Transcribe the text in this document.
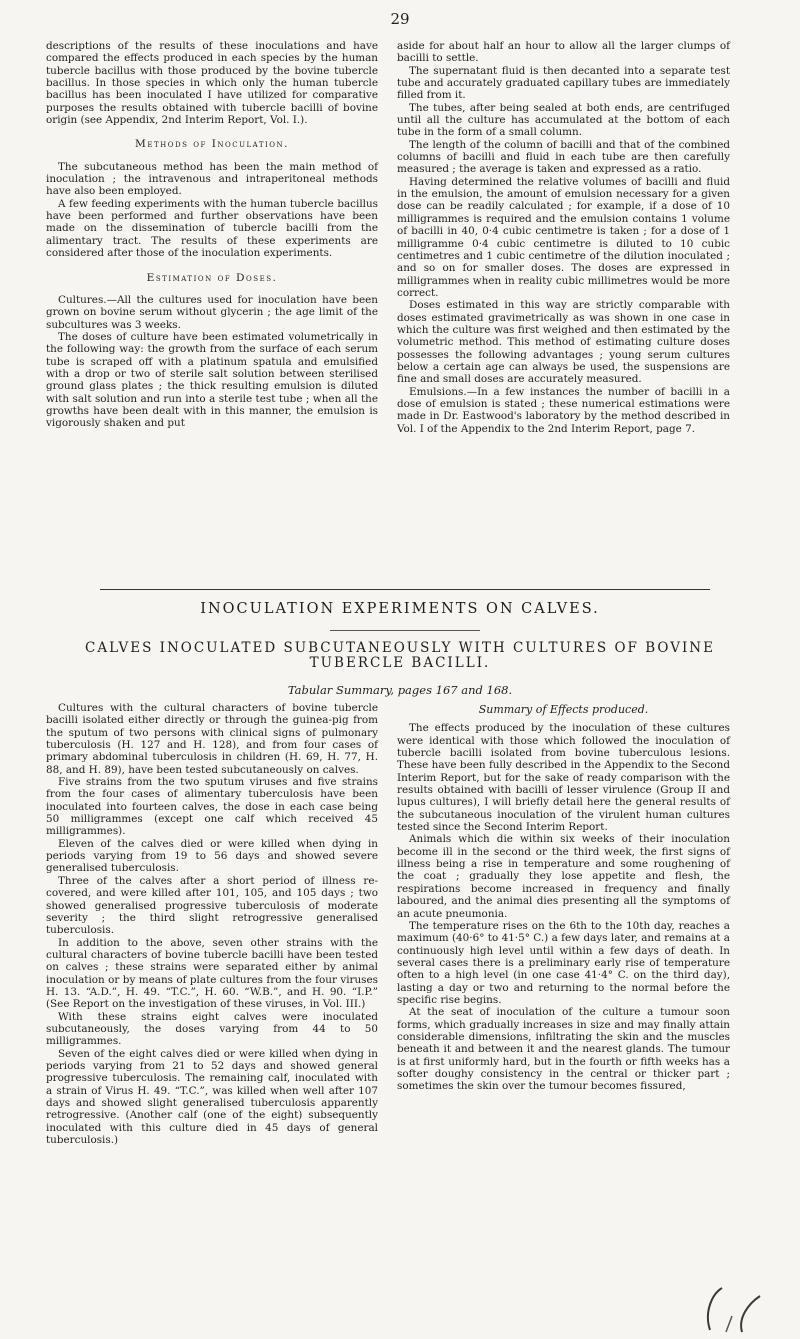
29

descriptions of the results of these inoculations and have compared the effects produced in each species by the human tubercle bacillus with those produced by the bovine tubercle bacillus. In those species in which only the human tubercle bacillus has been inoculated I have utilized for comparative purposes the results obtained with tubercle bacilli of bovine origin (see Appendix, 2nd Interim Report, Vol. I.).

Methods of Inoculation.

The subcutaneous method has been the main method of inoculation ; the intravenous and intraperitoneal methods have also been employed.

A few feeding experiments with the human tubercle bacillus have been performed and further observations have been made on the dissemination of tubercle bacilli from the alimentary tract. The results of these experiments are considered after those of the inoculation experiments.

Estimation of Doses.

Cultures.—All the cultures used for inoculation have been grown on bovine serum without glycerin ; the age limit of the subcultures was 3 weeks.

The doses of culture have been estimated volumetrically in the following way: the growth from the surface of each serum tube is scraped off with a platinum spatula and emulsified with a drop or two of sterile salt solution between sterilised ground glass plates ; the thick resulting emulsion is diluted with salt solution and run into a sterile test tube ; when all the growths have been dealt with in this manner, the emulsion is vigorously shaken and put

aside for about half an hour to allow all the larger clumps of bacilli to settle.

The supernatant fluid is then decanted into a separate test tube and accurately graduated capillary tubes are immediately filled from it.

The tubes, after being sealed at both ends, are centrifuged until all the culture has accumulated at the bottom of each tube in the form of a small column.

The length of the column of bacilli and that of the combined columns of bacilli and fluid in each tube are then carefully measured ; the average is taken and expressed as a ratio.

Having determined the relative volumes of bacilli and fluid in the emulsion, the amount of emulsion necessary for a given dose can be readily calculated ; for example, if a dose of 10 milligrammes is required and the emulsion contains 1 volume of bacilli in 40, 0·4 cubic centimetre is taken ; for a dose of 1 milligramme 0·4 cubic centimetre is diluted to 10 cubic centimetres and 1 cubic centimetre of the dilution inoculated ; and so on for smaller doses. The doses are expressed in milligrammes when in reality cubic millimetres would be more correct.

Doses estimated in this way are strictly comparable with doses estimated gravimetrically as was shown in one case in which the culture was first weighed and then estimated by the volumetric method. This method of estimating culture doses possesses the following advantages ; young serum cultures below a certain age can always be used, the suspensions are fine and small doses are accurately measured.

Emulsions.—In a few instances the number of bacilli in a dose of emulsion is stated ; these numerical estimations were made in Dr. Eastwood's laboratory by the method described in Vol. I of the Appendix to the 2nd Interim Report, page 7.

INOCULATION EXPERIMENTS ON CALVES.
CALVES INOCULATED SUBCUTANEOUSLY WITH CULTURES OF BOVINE TUBERCLE BACILLI.
Tabular Summary, pages 167 and 168.

Cultures with the cultural characters of bovine tubercle bacilli isolated either directly or through the guinea-pig from the sputum of two persons with clinical signs of pulmonary tuberculosis (H. 127 and H. 128), and from four cases of primary abdominal tuberculosis in children (H. 69, H. 77, H. 88, and H. 89), have been tested subcutaneously on calves.

Five strains from the two sputum viruses and five strains from the four cases of alimentary tuberculosis have been inoculated into fourteen calves, the dose in each case being 50 milligrammes (except one calf which received 45 milligrammes).

Eleven of the calves died or were killed when dying in periods varying from 19 to 56 days and showed severe generalised tuberculosis.

Three of the calves after a short period of illness re-covered, and were killed after 101, 105, and 105 days ; two showed generalised progressive tuberculosis of moderate severity ; the third slight retrogressive generalised tuberculosis.

In addition to the above, seven other strains with the cultural characters of bovine tubercle bacilli have been tested on calves ; these strains were separated either by animal inoculation or by means of plate cultures from the four viruses H. 13. “A.D.”, H. 49. “T.C.”, H. 60. “W.B.”, and H. 90. “I.P.” (See Report on the investigation of these viruses, in Vol. III.)

With these strains eight calves were inoculated subcutaneously, the doses varying from 44 to 50 milligrammes.

Seven of the eight calves died or were killed when dying in periods varying from 21 to 52 days and showed general progressive tuberculosis. The remaining calf, inoculated with a strain of Virus H. 49. “T.C.”, was killed when well after 107 days and showed slight generalised tuberculosis apparently retrogressive. (Another calf (one of the eight) subsequently inoculated with this culture died in 45 days of general tuberculosis.)

Summary of Effects produced.

The effects produced by the inoculation of these cultures were identical with those which followed the inoculation of tubercle bacilli isolated from bovine tuberculous lesions. These have been fully described in the Appendix to the Second Interim Report, but for the sake of ready comparison with the results obtained with bacilli of lesser virulence (Group II and lupus cultures), I will briefly detail here the general results of the subcutaneous inoculation of the virulent human cultures tested since the Second Interim Report.

Animals which die within six weeks of their inoculation become ill in the second or the third week, the first signs of illness being a rise in temperature and some roughening of the coat ; gradually they lose appetite and flesh, the respirations become increased in frequency and finally laboured, and the animal dies presenting all the symptoms of an acute pneumonia.

The temperature rises on the 6th to the 10th day, reaches a maximum (40·6° to 41·5° C.) a few days later, and remains at a continuously high level until within a few days of death. In several cases there is a preliminary early rise of temperature often to a high level (in one case 41·4° C. on the third day), lasting a day or two and returning to the normal before the specific rise begins.

At the seat of inoculation of the culture a tumour soon forms, which gradually increases in size and may finally attain considerable dimensions, infiltrating the skin and the muscles beneath it and between it and the nearest glands. The tumour is at first uniformly hard, but in the fourth or fifth weeks has a softer doughy consistency in the central or thicker part ; sometimes the skin over the tumour becomes fissured,
